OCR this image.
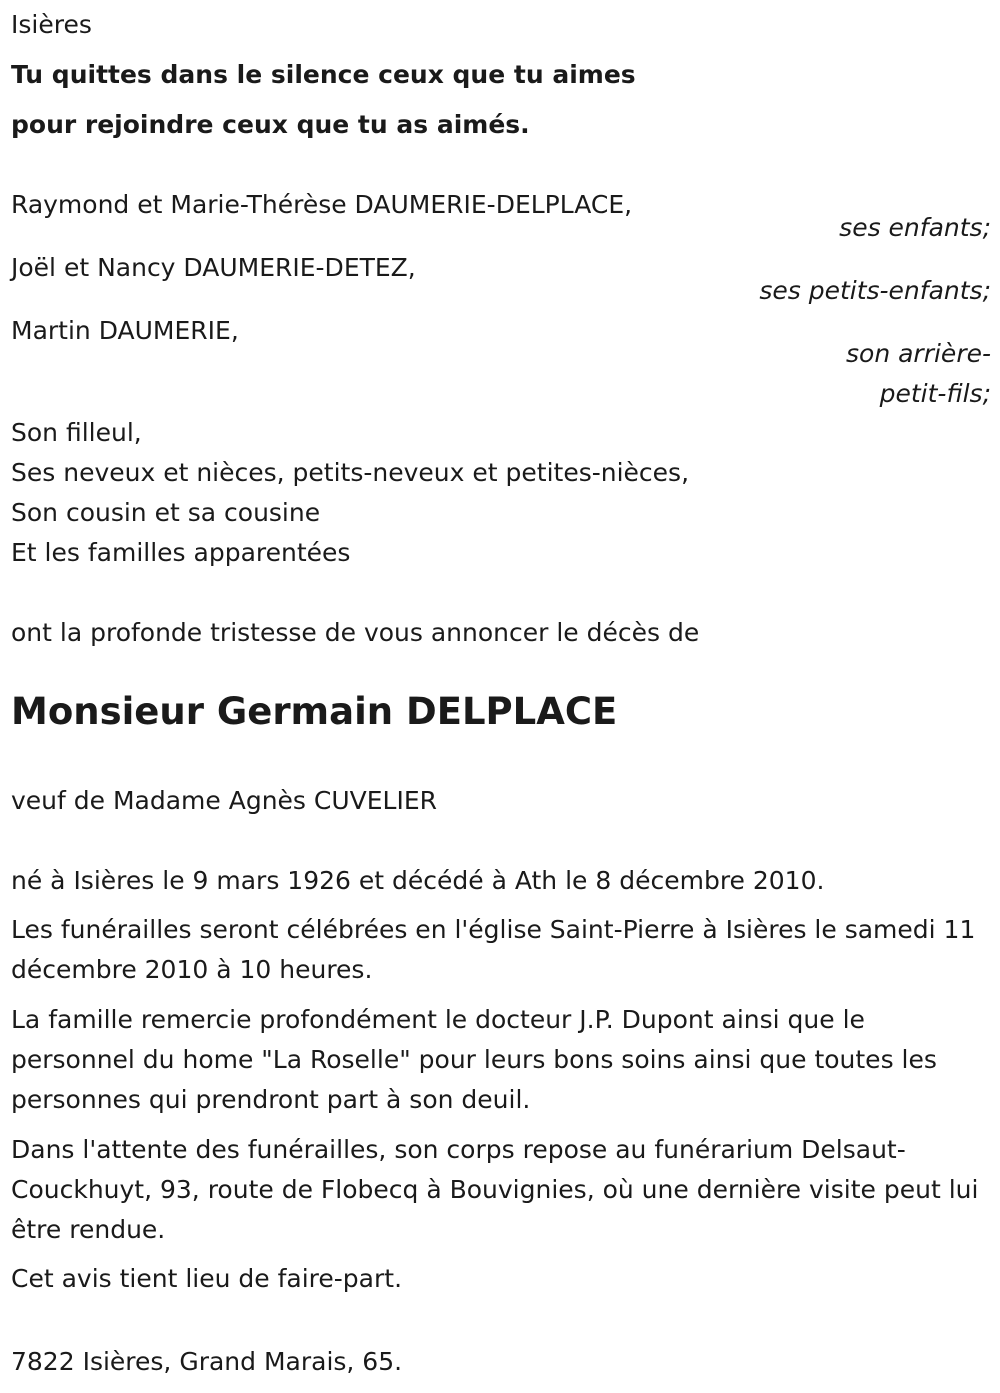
Isières
Tu quittes dans le silence ceux que tu aimes
pour rejoindre ceux que tu as aimés.
Raymond et Marie-Thérèse DAUMERIE-DELPLACE,
ses enfants;
Joël et Nancy DAUMERIE-DETEZ,
ses petits-enfants;
Martin DAUMERIE,
son arrière-
petit-fils;
Son filleul,
Ses neveux et nièces, petits-neveux et petites-nièces,
Son cousin et sa cousine
Et les familles apparentées
ont la profonde tristesse de vous annoncer le décès de
Monsieur Germain DELPLACE
veuf de Madame Agnès CUVELIER
né à Isières le 9 mars 1926 et décédé à Ath le 8 décembre 2010.
Les funérailles seront célébrées en l'église Saint-Pierre à Isières le samedi 11 décembre 2010 à 10 heures.
La famille remercie profondément le docteur J.P. Dupont ainsi que le personnel du home "La Roselle" pour leurs bons soins ainsi que toutes les personnes qui prendront part à son deuil.
Dans l'attente des funérailles, son corps repose au funérarium Delsaut-Couckhuyt, 93, route de Flobecq à Bouvignies, où une dernière visite peut lui être rendue.
Cet avis tient lieu de faire-part.
7822 Isières, Grand Marais, 65.
